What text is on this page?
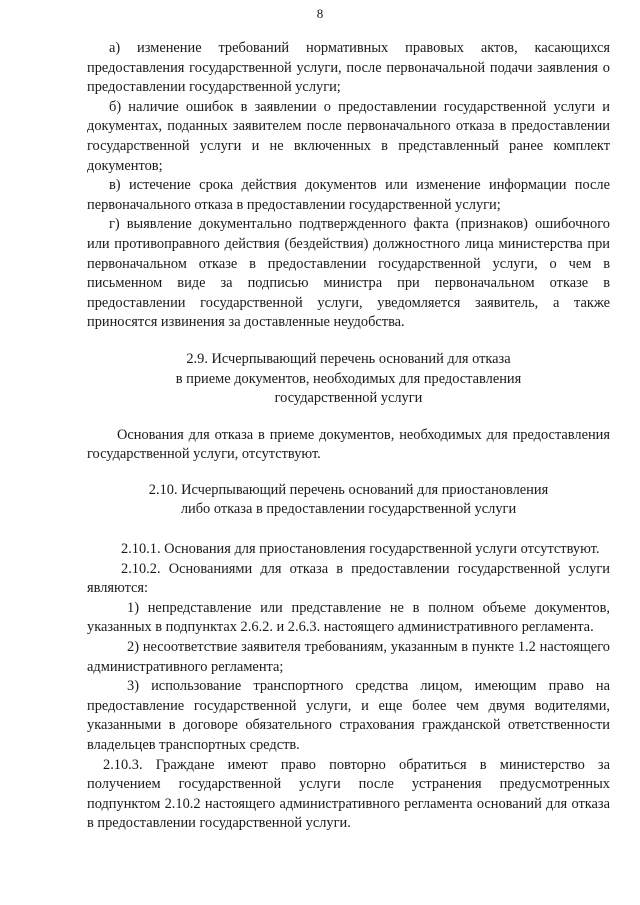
8

а) изменение требований нормативных правовых актов, касающихся предоставления государственной услуги, после первоначальной подачи заявления о предоставлении государственной услуги;

б) наличие ошибок в заявлении о предоставлении государственной услуги и документах, поданных заявителем после первоначального отказа в предоставлении государственной услуги и не включенных в представленный ранее комплект документов;

в) истечение срока действия документов или изменение информации после первоначального отказа в предоставлении государственной услуги;

г) выявление документально подтвержденного факта (признаков) ошибочного или противоправного действия (бездействия) должностного лица министерства при первоначальном отказе в предоставлении государственной услуги, о чем в письменном виде за подписью министра при первоначальном отказе в предоставлении государственной услуги, уведомляется заявитель, а также приносятся извинения за доставленные неудобства.

2.9. Исчерпывающий перечень оснований для отказа
в приеме документов, необходимых для предоставления
государственной услуги

Основания для отказа в приеме документов, необходимых для предоставления государственной услуги, отсутствуют.

2.10. Исчерпывающий перечень оснований для приостановления
либо отказа в предоставлении государственной услуги

2.10.1. Основания для приостановления государственной услуги отсутствуют.

2.10.2. Основаниями для отказа в предоставлении государственной услуги являются:

1) непредставление или представление не в полном объеме документов, указанных в подпунктах 2.6.2. и 2.6.3. настоящего административного регламента.

2) несоответствие заявителя требованиям, указанным в пункте 1.2 настоящего административного регламента;

3) использование транспортного средства лицом, имеющим право на предоставление государственной услуги, и еще более чем двумя водителями, указанными в договоре обязательного страхования гражданской ответственности владельцев транспортных средств.

2.10.3. Граждане имеют право повторно обратиться в министерство за получением государственной услуги после устранения предусмотренных подпунктом 2.10.2 настоящего административного регламента оснований для отказа в предоставлении государственной услуги.
